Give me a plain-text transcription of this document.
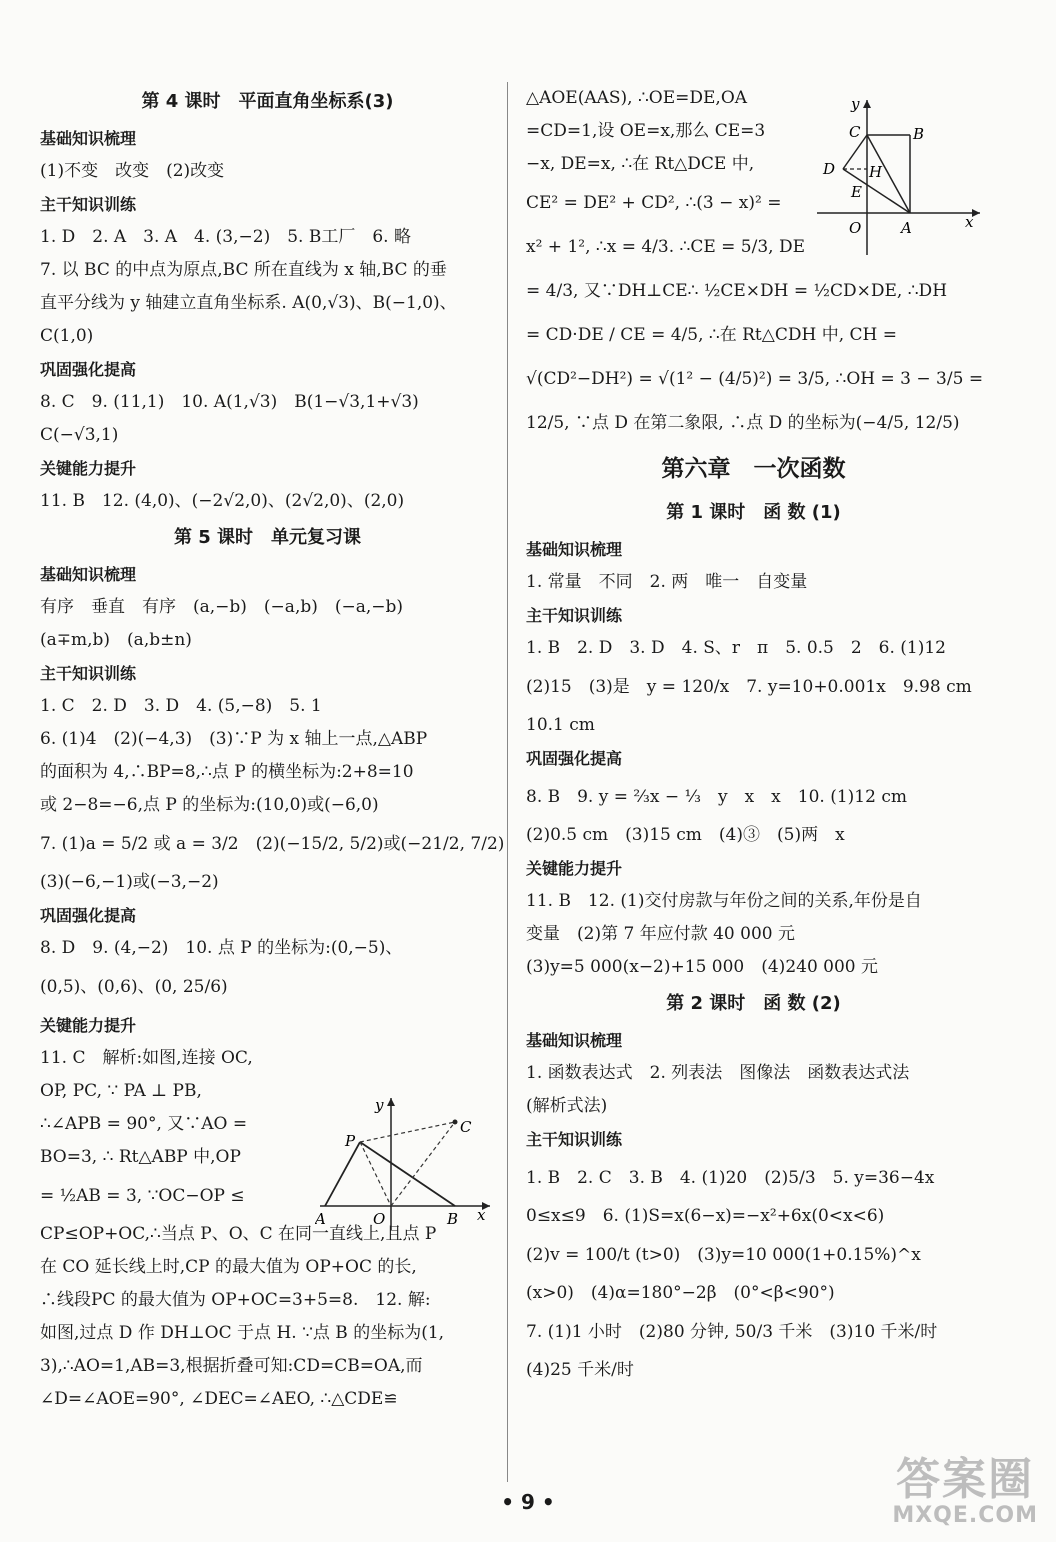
第 4 课时　平面直角坐标系(3)
基础知识梳理
(1)不变　改变　(2)改变
主干知识训练
1. D　2. A　3. A　4. (3,−2)　5. B工厂　6. 略
7. 以 BC 的中点为原点,BC 所在直线为 x 轴,BC 的垂
直平分线为 y 轴建立直角坐标系. A(0,√3)、B(−1,0)、
C(1,0)
巩固强化提高
8. C　9. (11,1)　10. A(1,√3)　B(1−√3,1+√3)
C(−√3,1)
关键能力提升
11. B　12. (4,0)、(−2√2,0)、(2√2,0)、(2,0)
第 5 课时　单元复习课
基础知识梳理
有序　垂直　有序　(a,−b)　(−a,b)　(−a,−b)
(a∓m,b)　(a,b±n)
主干知识训练
1. C　2. D　3. D　4. (5,−8)　5. 1
6. (1)4　(2)(−4,3)　(3)∵P 为 x 轴上一点,△ABP
的面积为 4,∴BP=8,∴点 P 的横坐标为:2+8=10
或 2−8=−6,点 P 的坐标为:(10,0)或(−6,0)
7. (1)a = 5/2 或 a = 3/2　(2)(−15/2, 5/2)或(−21/2, 7/2)
(3)(−6,−1)或(−3,−2)
巩固强化提高
8. D　9. (4,−2)　10. 点 P 的坐标为:(0,−5)、
(0,5)、(0,6)、(0, 25/6)
关键能力提升
11. C　解析:如图,连接 OC,
OP, PC, ∵ PA ⊥ PB,
∴∠APB = 90°, 又∵AO =
BO=3, ∴ Rt△ABP 中,OP
= ½AB = 3, ∵OC−OP ≤
CP≤OP+OC,∴当点 P、O、C 在同一直线上,且点 P
在 CO 延长线上时,CP 的最大值为 OP+OC 的长,
∴线段PC 的最大值为 OP+OC=3+5=8.　12. 解:
如图,过点 D 作 DH⊥OC 于点 H. ∵点 B 的坐标为(1,
3),∴AO=1,AB=3,根据折叠可知:CD=CB=OA,而
∠D=∠AOE=90°, ∠DEC=∠AEO, ∴△CDE≌
y
C
P
A	O	B x
△AOE(AAS), ∴OE=DE,OA
=CD=1,设 OE=x,那么 CE=3
−x, DE=x, ∴在 Rt△DCE 中,
CE² = DE² + CD², ∴(3 − x)² =
x² + 1², ∴x = 4/3. ∴CE = 5/3, DE
= 4/3, 又∵DH⊥CE∴ ½CE×DH = ½CD×DE, ∴DH
= CD·DE / CE = 4/5, ∴在 Rt△CDH 中, CH =
√(CD²−DH²) = √(1² − (4/5)²) = 3/5, ∴OH = 3 − 3/5 =
12/5, ∵点 D 在第二象限, ∴点 D 的坐标为(−4/5, 12/5)
第六章　一次函数
第 1 课时　函 数 (1)
基础知识梳理
1. 常量　不同　2. 两　唯一　自变量
主干知识训练
1. B　2. D　3. D　4. S、r　π　5. 0.5　2　6. (1)12
(2)15　(3)是　y = 120/x　7. y=10+0.001x　9.98 cm
10.1 cm
巩固强化提高
8. B　9. y = ⅔x − ⅓　y　x　x　10. (1)12 cm
(2)0.5 cm　(3)15 cm　(4)③　(5)两　x
关键能力提升
11. B　12. (1)交付房款与年份之间的关系,年份是自
变量　(2)第 7 年应付款 40 000 元
(3)y=5 000(x−2)+15 000　(4)240 000 元
第 2 课时　函 数 (2)
基础知识梳理
1. 函数表达式　2. 列表法　图像法　函数表达式法
(解析式法)
主干知识训练
1. B　2. C　3. B　4. (1)20　(2)5/3　5. y=36−4x
0≤x≤9　6. (1)S=x(6−x)=−x²+6x(0<x<6)
(2)v = 100/t (t>0)　(3)y=10 000(1+0.15%)^x
(x>0)　(4)α=180°−2β　(0°<β<90°)
7. (1)1 小时　(2)80 分钟, 50/3 千米　(3)10 千米/时
(4)25 千米/时
y
C	B
D H
E
O	A	x
• 9 •	答案圈
MXQE.COM
